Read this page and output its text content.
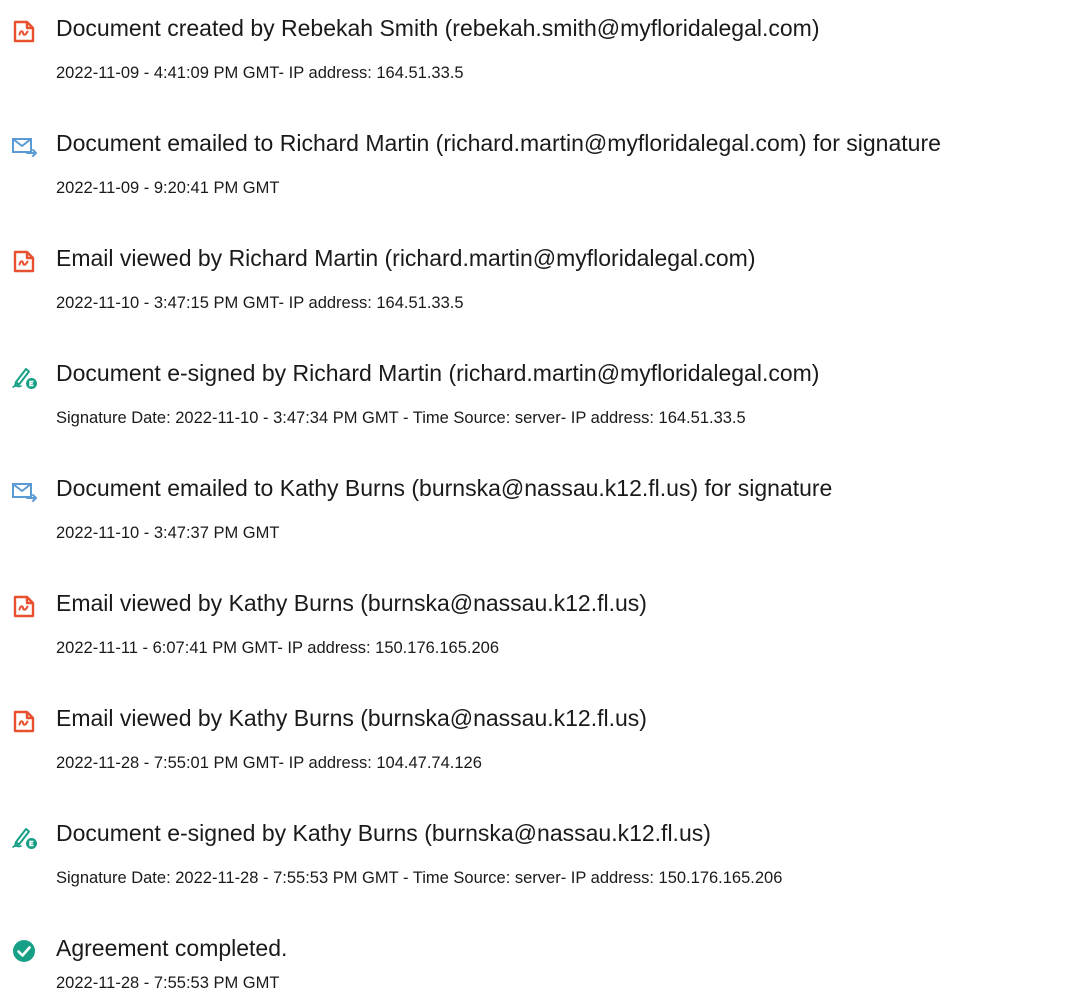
Document created by Rebekah Smith (rebekah.smith@myfloridalegal.com)
2022-11-09 - 4:41:09 PM GMT- IP address: 164.51.33.5
Document emailed to Richard Martin (richard.martin@myfloridalegal.com) for signature
2022-11-09 - 9:20:41 PM GMT
Email viewed by Richard Martin (richard.martin@myfloridalegal.com)
2022-11-10 - 3:47:15 PM GMT- IP address: 164.51.33.5
Document e-signed by Richard Martin (richard.martin@myfloridalegal.com)
Signature Date: 2022-11-10 - 3:47:34 PM GMT - Time Source: server- IP address: 164.51.33.5
Document emailed to Kathy Burns (burnska@nassau.k12.fl.us) for signature
2022-11-10 - 3:47:37 PM GMT
Email viewed by Kathy Burns (burnska@nassau.k12.fl.us)
2022-11-11 - 6:07:41 PM GMT- IP address: 150.176.165.206
Email viewed by Kathy Burns (burnska@nassau.k12.fl.us)
2022-11-28 - 7:55:01 PM GMT- IP address: 104.47.74.126
Document e-signed by Kathy Burns (burnska@nassau.k12.fl.us)
Signature Date: 2022-11-28 - 7:55:53 PM GMT - Time Source: server- IP address: 150.176.165.206
Agreement completed.
2022-11-28 - 7:55:53 PM GMT
